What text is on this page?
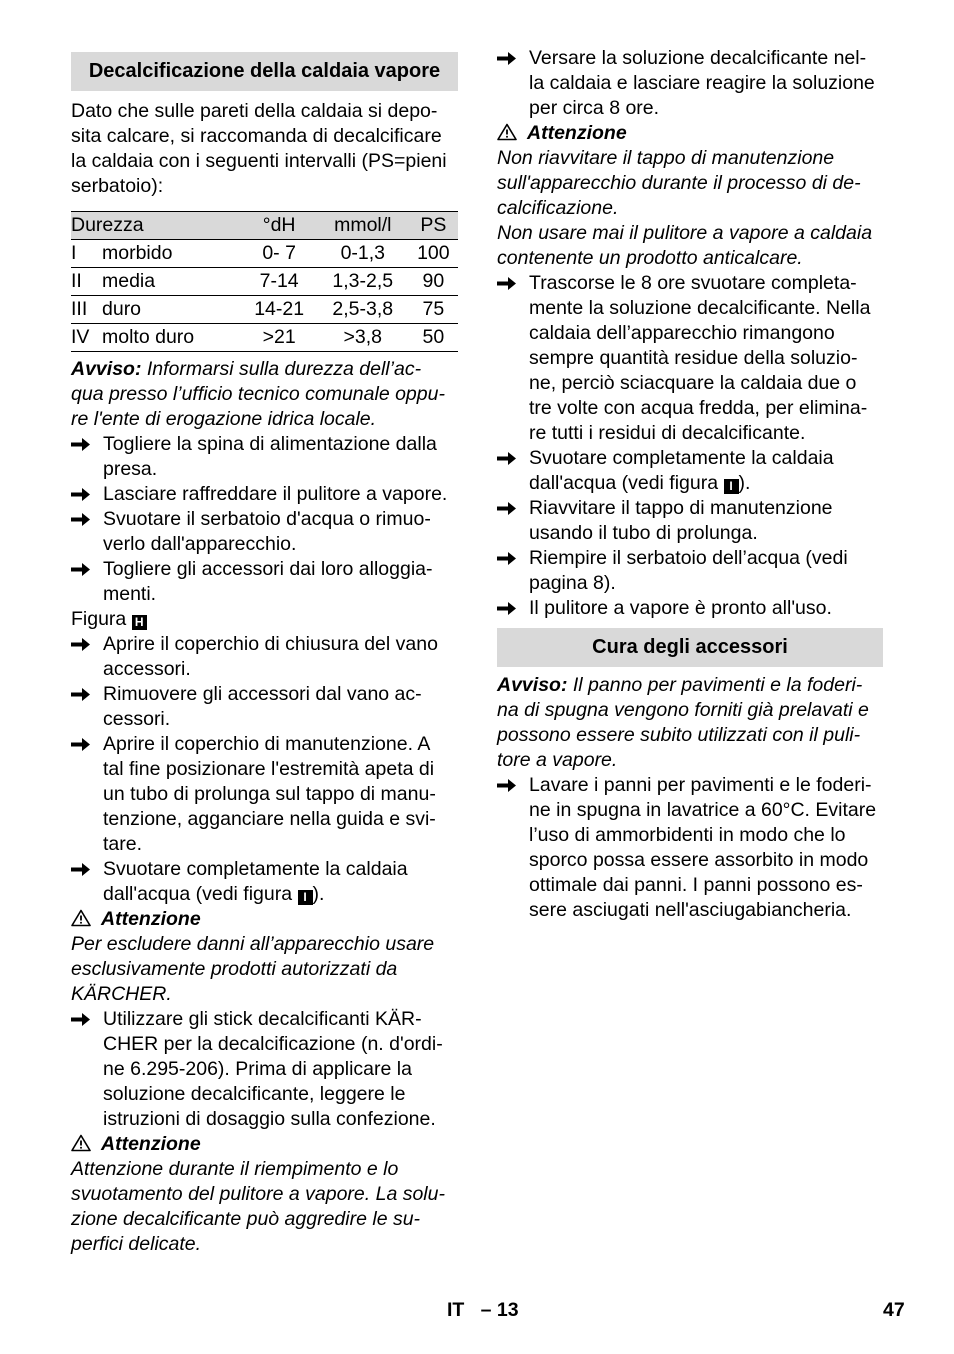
Decalcificazione della caldaia vapore
Dato che sulle pareti della caldaia si depo-
sita calcare, si raccomanda di decalcificare
la caldaia con i seguenti intervalli (PS=pieni
serbatoio):
Durezza		°dH	mmol/l	PS
I	morbido	0- 7	0-1,3	100
II	media	7-14	1,3-2,5	90
III	duro	14-21	2,5-3,8	75
IV	molto duro	>21	>3,8	50
Avviso: Informarsi sulla durezza dell’ac-
qua presso l’ufficio tecnico comunale oppu-
re l'ente di erogazione idrica locale.
Togliere la spina di alimentazione dalla
presa.
Lasciare raffreddare il pulitore a vapore.
Svuotare il serbatoio d'acqua o rimuo-
verlo dall'apparecchio.
Togliere gli accessori dai loro alloggia-
menti.
Figura H
Aprire il coperchio di chiusura del vano
accessori.
Rimuovere gli accessori dal vano ac-
cessori.
Aprire il coperchio di manutenzione. A
tal fine posizionare l'estremità apeta di
un tubo di prolunga sul tappo di manu-
tenzione, agganciare nella guida e svi-
tare.
Svuotare completamente la caldaia
dall'acqua (vedi figura I ).
Attenzione
Per escludere danni all’apparecchio usare
esclusivamente prodotti autorizzati da
KÄRCHER.
Utilizzare gli stick decalcificanti KÄR-
CHER per la decalcificazione (n. d'ordi-
ne 6.295-206). Prima di applicare la
soluzione decalcificante, leggere le
istruzioni di dosaggio sulla confezione.
Attenzione
Attenzione durante il riempimento e lo
svuotamento del pulitore a vapore. La solu-
zione decalcificante può aggredire le su-
perfici delicate.
Versare la soluzione decalcificante nel-
la caldaia e lasciare reagire la soluzione
per circa 8 ore.
Attenzione
Non riavvitare il tappo di manutenzione
sull'apparecchio durante il processo di de-
calcificazione.
Non usare mai il pulitore a vapore a caldaia
contenente un prodotto anticalcare.
Trascorse le 8 ore svuotare completa-
mente la soluzione decalcificante. Nella
caldaia dell’apparecchio rimangono
sempre quantità residue della soluzio-
ne, perciò sciacquare la caldaia due o
tre volte con acqua fredda, per elimina-
re tutti i residui di decalcificante.
Svuotare completamente la caldaia
dall'acqua (vedi figura I ).
Riavvitare il tappo di manutenzione
usando il tubo di prolunga.
Riempire il serbatoio dell’acqua (vedi
pagina 8).
Il pulitore a vapore è pronto all'uso.
Cura degli accessori
Avviso: Il panno per pavimenti e la foderi-
na di spugna vengono forniti già prelavati e
possono essere subito utilizzati con il puli-
tore a vapore.
Lavare i panni per pavimenti e le foderi-
ne in spugna in lavatrice a 60°C. Evitare
l’uso di ammorbidenti in modo che lo
sporco possa essere assorbito in modo
ottimale dai panni. I panni possono es-
sere asciugati nell'asciugabiancheria.
IT – 13	47
